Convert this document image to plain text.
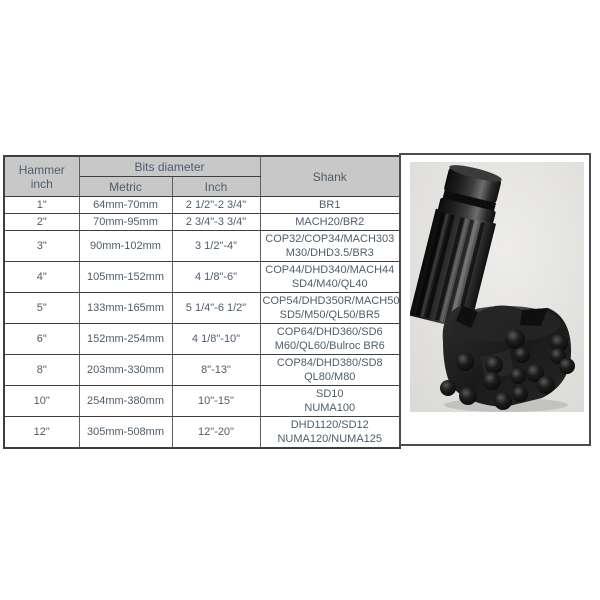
Hammer inch	Bits diameter		Shank
	Metric	Inch	
1"	64mm-70mm	2 1/2"-2 3/4"	BR1
2"	70mm-95mm	2 3/4"-3 3/4"	MACH20/BR2
3"	90mm-102mm	3 1/2"-4"	COP32/COP34/MACH303
M30/DHD3.5/BR3
4"	105mm-152mm	4 1/8"-6"	COP44/DHD340/MACH44
SD4/M40/QL40
5"	133mm-165mm	5 1/4"-6 1/2"	COP54/DHD350R/MACH50
SD5/M50/QL50/BR5
6"	152mm-254mm	4 1/8"-10"	COP64/DHD360/SD6
M60/QL60/Bulroc BR6
8"	203mm-330mm	8"-13"	COP84/DHD380/SD8
QL80/M80
10"	254mm-380mm	10"-15"	SD10
NUMA100
12"	305mm-508mm	12"-20"	DHD1120/SD12
NUMA120/NUMA125
